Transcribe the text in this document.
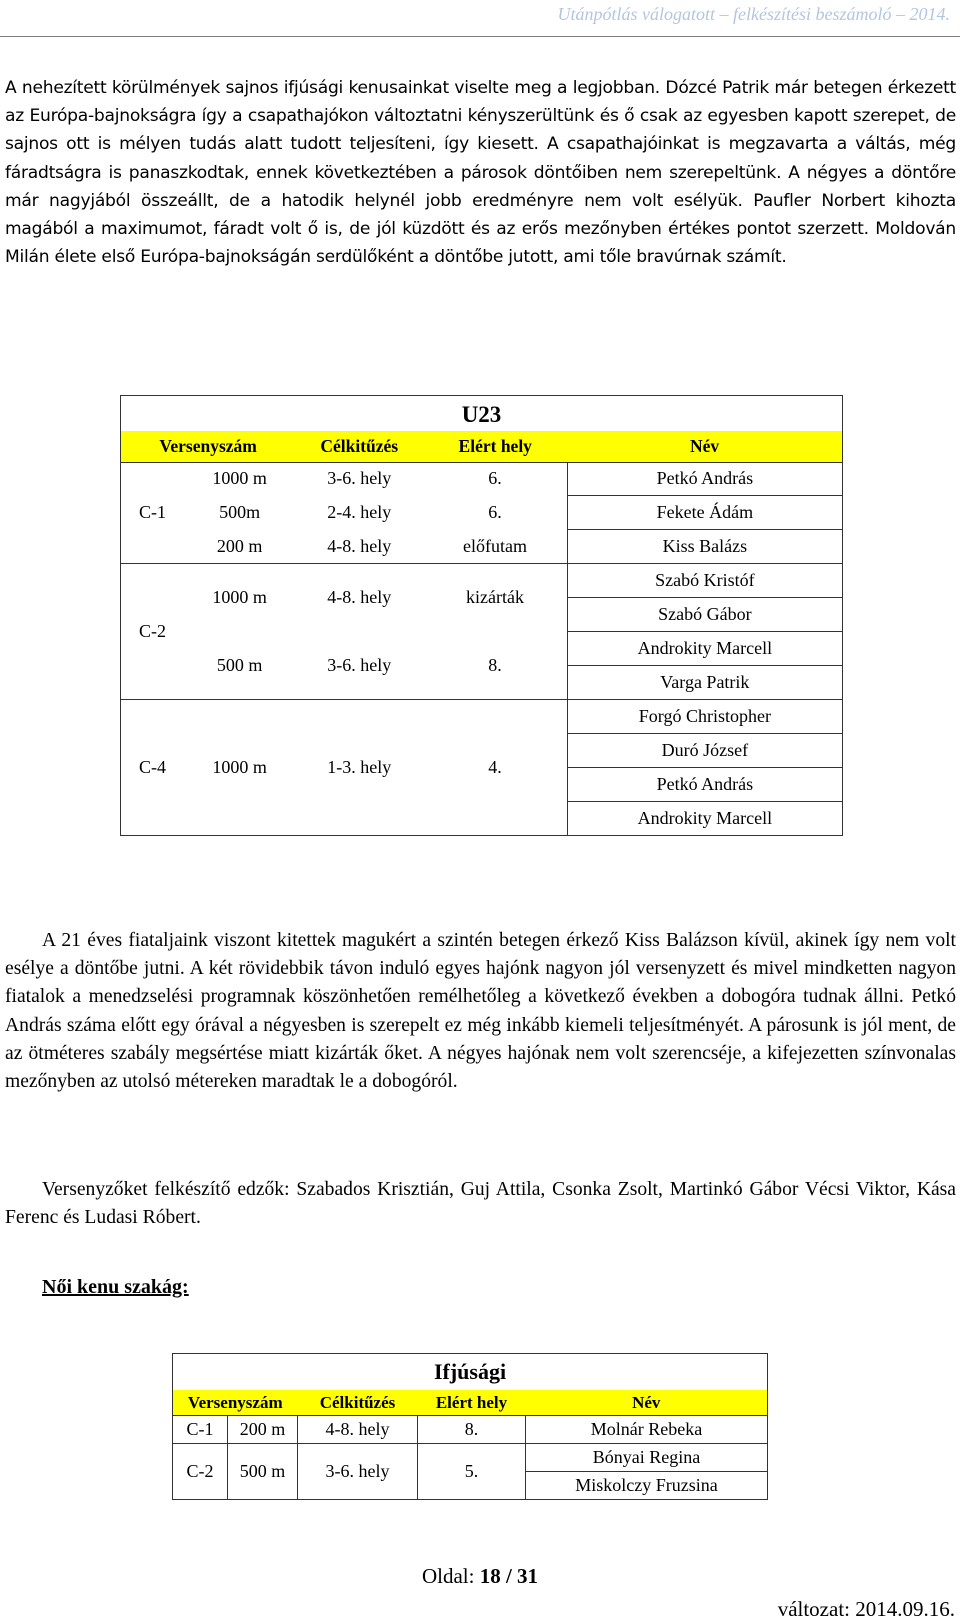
Utánpótlás válogatott – felkészítési beszámoló – 2014.

A nehezített körülmények sajnos ifjúsági kenusainkat viselte meg a legjobban. Dózcé Patrik már betegen érkezett az Európa-bajnokságra így a csapathajókon változtatni kényszerültünk és ő csak az egyesben kapott szerepet, de sajnos ott is mélyen tudás alatt tudott teljesíteni, így kiesett. A csapathajóinkat is megzavarta a váltás, még fáradtságra is panaszkodtak, ennek következtében a párosok döntőiben nem szerepeltünk. A négyes a döntőre már nagyjából összeállt, de a hatodik helynél jobb eredményre nem volt esélyük. Paufler Norbert kihozta magából a maximumot, fáradt volt ő is, de jól küzdött és az erős mezőnyben értékes pontot szerzett. Moldován Milán élete első Európa-bajnokságán serdülőként a döntőbe jutott, ami tőle bravúrnak számít.

U23
Versenyszám	Célkitűzés	Elért hely	Név
C-1	1000 m	3-6. hely	6.	Petkó András
	500m	2-4. hely	6.	Fekete Ádám
	200 m	4-8. hely	előfutam	Kiss Balázs
C-2	1000 m	4-8. hely	kizárták	Szabó Kristóf
				Szabó Gábor
	500 m	3-6. hely	8.	Androkity Marcell
				Varga Patrik
C-4	1000 m	1-3. hely	4.	Forgó Christopher
				Duró József
				Petkó András
				Androkity Marcell

A 21 éves fiataljaink viszont kitettek magukért a szintén betegen érkező Kiss Balázson kívül, akinek így nem volt esélye a döntőbe jutni. A két rövidebbik távon induló egyes hajónk nagyon jól versenyzett és mivel mindketten nagyon fiatalok a menedzselési programnak köszönhetően remélhetőleg a következő években a dobogóra tudnak állni. Petkó András száma előtt egy órával a négyesben is szerepelt ez még inkább kiemeli teljesítményét. A párosunk is jól ment, de az ötméteres szabály megsértése miatt kizárták őket. A négyes hajónak nem volt szerencséje, a kifejezetten színvonalas mezőnyben az utolsó métereken maradtak le a dobogóról.

Versenyzőket felkészítő edzők: Szabados Krisztián, Guj Attila, Csonka Zsolt, Martinkó Gábor Vécsi Viktor, Kása Ferenc és Ludasi Róbert.

Női kenu szakág:
Ifjúsági				
Versenyszám		Célkitűzés	Elért hely	Név
C-1	200 m	4-8. hely	8.	Molnár Rebeka
C-2	500 m	3-6. hely	5.	Bónyai Regina
				Miskolczy Fruzsina
Oldal: 18 / 31
változat: 2014.09.16.
